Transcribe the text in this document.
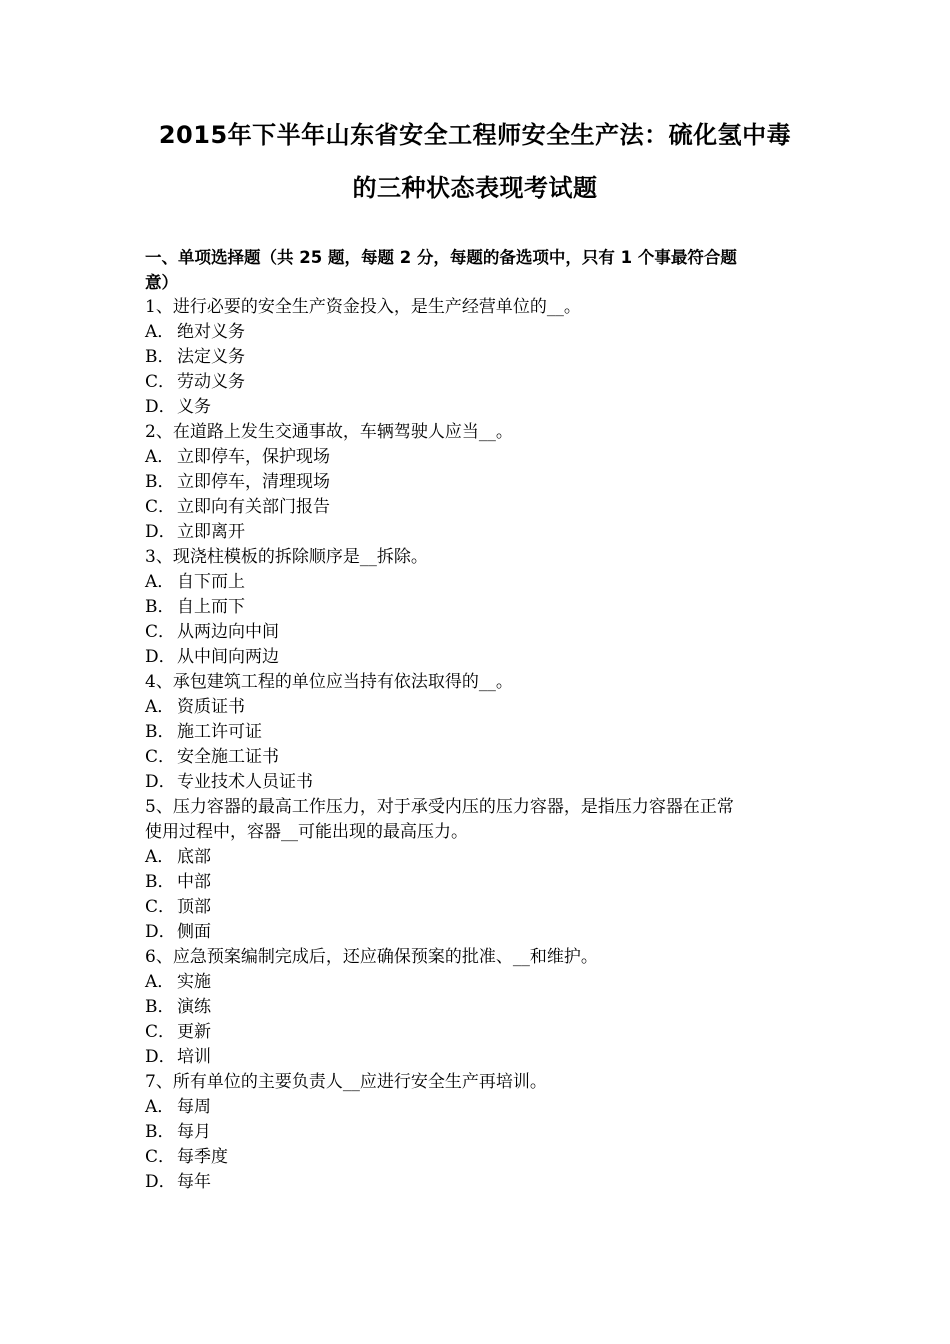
2015年下半年山东省安全工程师安全生产法：硫化氢中毒
的三种状态表现考试题
一、单项选择题（共 25 题，每题 2 分，每题的备选项中，只有 1 个事最符合题
意）
1、进行必要的安全生产资金投入，是生产经营单位的__。
A． 绝对义务
B． 法定义务
C． 劳动义务
D．义务
2、在道路上发生交通事故，车辆驾驶人应当__。
A． 立即停车，保护现场
B． 立即停车，清理现场
C． 立即向有关部门报告
D．立即离开
3、现浇柱模板的拆除顺序是__拆除。
A． 自下而上
B． 自上而下
C． 从两边向中间
D．从中间向两边
4、承包建筑工程的单位应当持有依法取得的__。
A． 资质证书
B． 施工许可证
C． 安全施工证书
D．专业技术人员证书
5、压力容器的最高工作压力，对于承受内压的压力容器，是指压力容器在正常
使用过程中，容器__可能出现的最高压力。
A． 底部
B． 中部
C． 顶部
D．侧面
6、应急预案编制完成后，还应确保预案的批准、__和维护。
A． 实施
B． 演练
C． 更新
D．培训
7、所有单位的主要负责人__应进行安全生产再培训。
A． 每周
B． 每月
C． 每季度
D．每年
